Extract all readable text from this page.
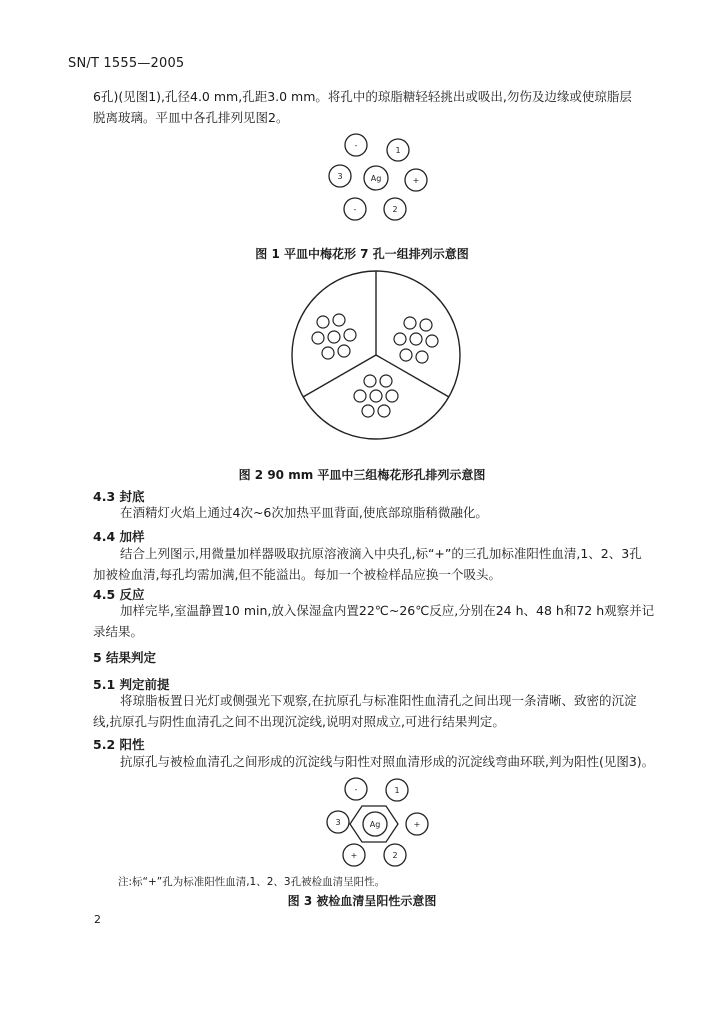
SN/T 1555—2005
6孔)(见图1),孔径4.0 mm,孔距3.0 mm。将孔中的琼脂糖轻轻挑出或吸出,勿伤及边缘或使琼脂层
脱离玻璃。平皿中各孔排列见图2。
-
1
3	Ag	+
-	2
图 1 平皿中梅花形 7 孔一组排列示意图
图 2 90 mm 平皿中三组梅花形孔排列示意图
4.3 封底
在酒精灯火焰上通过4次~6次加热平皿背面,使底部琼脂稍微融化。
4.4 加样
结合上列图示,用微量加样器吸取抗原溶液滴入中央孔,标“+”的三孔加标准阳性血清,1、2、3孔
加被检血清,每孔均需加满,但不能溢出。每加一个被检样品应换一个吸头。
4.5 反应
加样完毕,室温静置10 min,放入保湿盒内置22℃~26℃反应,分别在24 h、48 h和72 h观察并记
录结果。
5 结果判定
5.1 判定前提
将琼脂板置日光灯或侧强光下观察,在抗原孔与标准阳性血清孔之间出现一条清晰、致密的沉淀
线,抗原孔与阴性血清孔之间不出现沉淀线,说明对照成立,可进行结果判定。
5.2 阳性
抗原孔与被检血清孔之间形成的沉淀线与阳性对照血清形成的沉淀线弯曲环联,判为阳性(见图3)。
-	1
3	Ag	+
+	2
注:标“+”孔为标准阳性血清,1、2、3孔被检血清呈阳性。
图 3 被检血清呈阳性示意图
2
